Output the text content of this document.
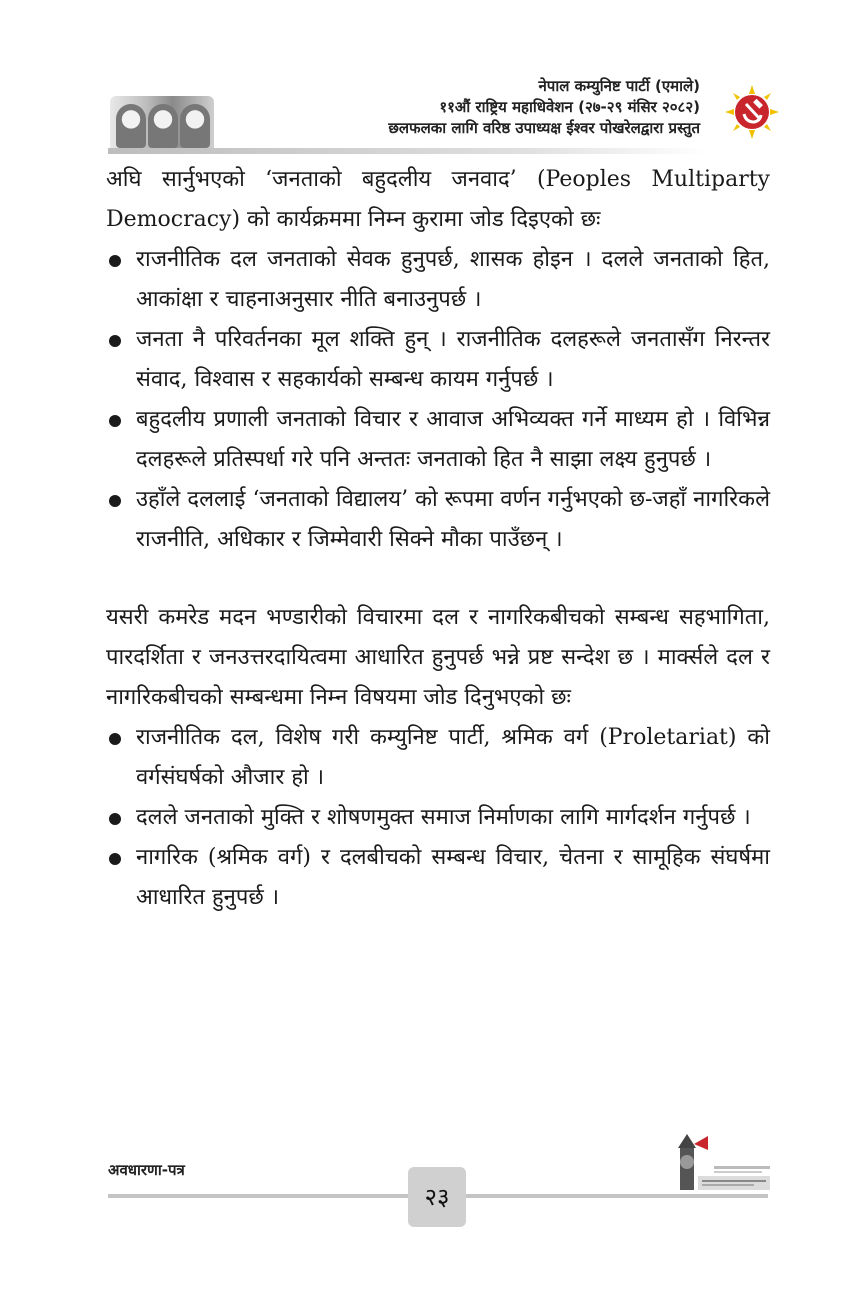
नेपाल कम्युनिष्ट पार्टी (एमाले)
११औं राष्ट्रिय महाधिवेशन (२७-२९ मंसिर २०८२)
छलफलका लागि वरिष्ठ उपाध्यक्ष ईश्वर पोखरेलद्वारा प्रस्तुत

अघि सार्नुभएको ‘जनताको बहुदलीय जनवाद’ (Peoples Multiparty Democracy) को कार्यक्रममा निम्न कुरामा जोड दिइएको छः

राजनीतिक दल जनताको सेवक हुनुपर्छ, शासक होइन । दलले जनताको हित, आकांक्षा र चाहनाअनुसार नीति बनाउनुपर्छ ।
जनता नै परिवर्तनका मूल शक्ति हुन् । राजनीतिक दलहरूले जनतासँग निरन्तर संवाद, विश्वास र सहकार्यको सम्बन्ध कायम गर्नुपर्छ ।
बहुदलीय प्रणाली जनताको विचार र आवाज अभिव्यक्त गर्ने माध्यम हो । विभिन्न दलहरूले प्रतिस्पर्धा गरे पनि अन्ततः जनताको हित नै साझा लक्ष्य हुनुपर्छ ।
उहाँले दललाई ‘जनताको विद्यालय’ को रूपमा वर्णन गर्नुभएको छ-जहाँ नागरिकले राजनीति, अधिकार र जिम्मेवारी सिक्ने मौका पाउँछन् ।

यसरी कमरेड मदन भण्डारीको विचारमा दल र नागरिकबीचको सम्बन्ध सहभागिता, पारदर्शिता र जनउत्तरदायित्वमा आधारित हुनुपर्छ भन्ने प्रष्ट सन्देश छ । मार्क्सले दल र नागरिकबीचको सम्बन्धमा निम्न विषयमा जोड दिनुभएको छः

राजनीतिक दल, विशेष गरी कम्युनिष्ट पार्टी, श्रमिक वर्ग (Proletariat) को वर्गसंघर्षको औजार हो ।
दलले जनताको मुक्ति र शोषणमुक्त समाज निर्माणका लागि मार्गदर्शन गर्नुपर्छ ।
नागरिक (श्रमिक वर्ग) र दलबीचको सम्बन्ध विचार, चेतना र सामूहिक संघर्षमा आधारित हुनुपर्छ ।
अवधारणा-पत्र
२३
